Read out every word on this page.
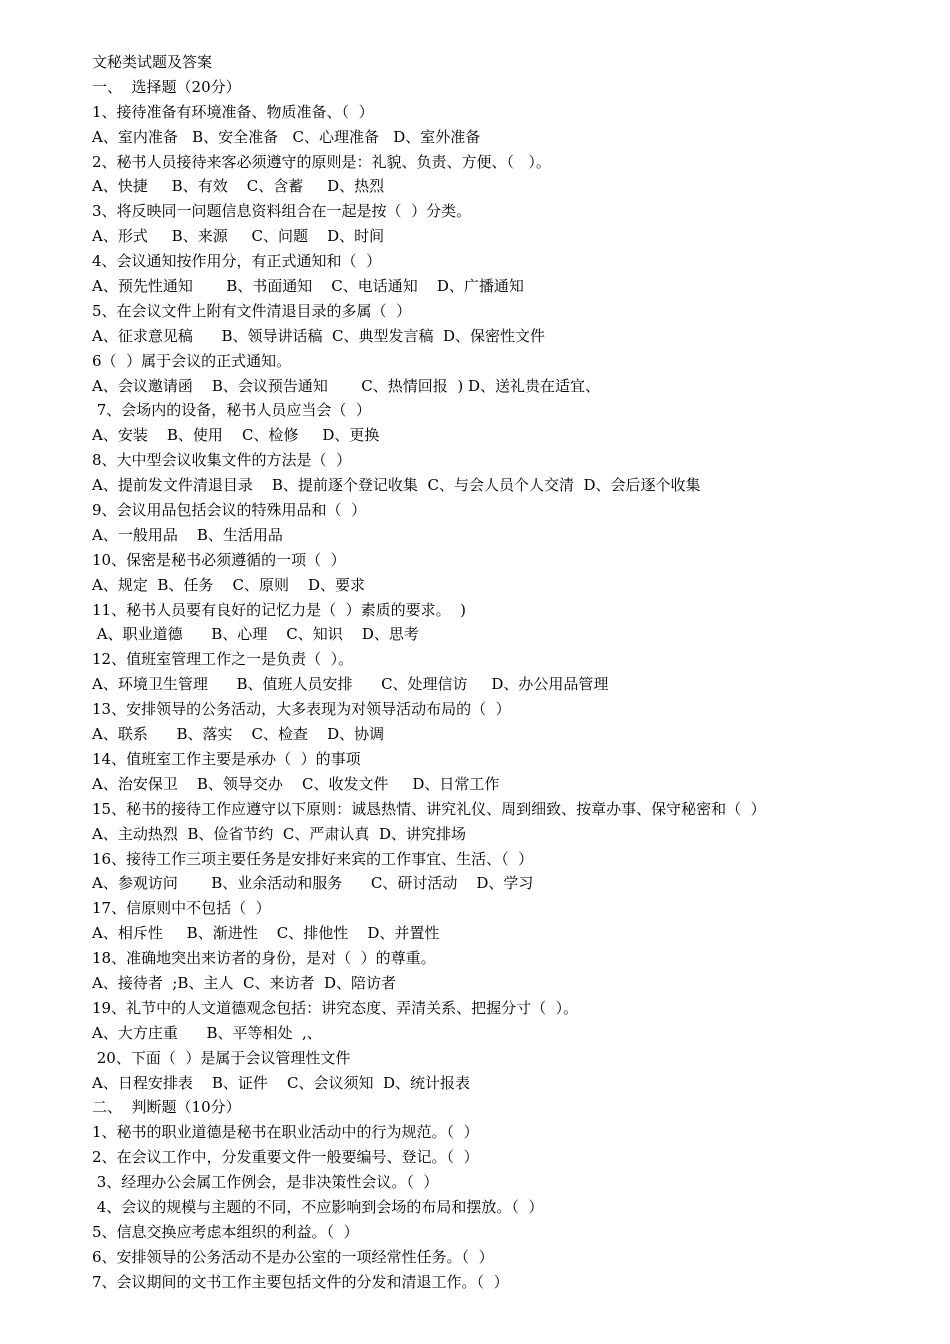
文秘类试题及答案
一、  选择题（20分）
1、接待准备有环境准备、物质准备、（  ）
A、室内准备   B、安全准备   C、心理准备   D、室外准备
2、秘书人员接待来客必须遵守的原则是：礼貌、负责、方便、（   ）。
A、快捷     B、有效    C、含蓄     D、热烈
3、将反映同一问题信息资料组合在一起是按（  ）分类。
A、形式     B、来源     C、问题    D、时间
4、会议通知按作用分，有正式通知和（  ）
A、预先性通知       B、书面通知    C、电话通知    D、广播通知
5、在会议文件上附有文件清退目录的多属（  ）
A、征求意见稿      B、领导讲话稿  C、典型发言稿  D、保密性文件
6（  ）属于会议的正式通知。
A、会议邀请函    B、会议预告通知       C、热情回报  ) D、送礼贵在适宜、
7、会场内的设备，秘书人员应当会（  ）
A、安装    B、使用    C、检修     D、更换
8、大中型会议收集文件的方法是（  ）
A、提前发文件清退目录    B、提前逐个登记收集  C、与会人员个人交清  D、会后逐个收集
9、会议用品包括会议的特殊用品和（  ）
A、一般用品    B、生活用品
10、保密是秘书必须遵循的一项（  ）
A、规定  B、任务    C、原则    D、要求
11、秘书人员要有良好的记忆力是（  ）素质的要求。  )
A、职业道德      B、心理    C、知识    D、思考
12、值班室管理工作之一是负责（  ）。
A、环境卫生管理      B、值班人员安排      C、处理信访     D、办公用品管理
13、安排领导的公务活动，大多表现为对领导活动布局的（  ）
A、联系      B、落实    C、检查    D、协调
14、值班室工作主要是承办（  ）的事项
A、治安保卫    B、领导交办    C、收发文件     D、日常工作
15、秘书的接待工作应遵守以下原则：诚恳热情、讲究礼仪、周到细致、按章办事、保守秘密和（  ）
A、主动热烈  B、俭省节约  C、严肃认真  D、讲究排场
16、接待工作三项主要任务是安排好来宾的工作事宜、生活、（  ）
A、参观访问       B、业余活动和服务      C、研讨活动    D、学习
17、信原则中不包括（  ）
A、相斥性     B、渐进性    C、排他性    D、并置性
18、准确地突出来访者的身份，是对（  ）的尊重。
A、接待者  ;B、主人  C、来访者  D、陪访者
19、礼节中的人文道德观念包括：讲究态度、弄清关系、把握分寸（  ）。
A、大方庄重      B、平等相处  ,、
20、下面（  ）是属于会议管理性文件
A、日程安排表    B、证件    C、会议须知  D、统计报表
二、  判断题（10分）
1、秘书的职业道德是秘书在职业活动中的行为规范。（  ）
2、在会议工作中，分发重要文件一般要编号、登记。（  ）
3、经理办公会属工作例会，是非决策性会议。（  ）
4、会议的规模与主题的不同，不应影响到会场的布局和摆放。（  ）
5、信息交换应考虑本组织的利益。（  ）
6、安排领导的公务活动不是办公室的一项经常性任务。（  ）
7、会议期间的文书工作主要包括文件的分发和清退工作。（  ）
